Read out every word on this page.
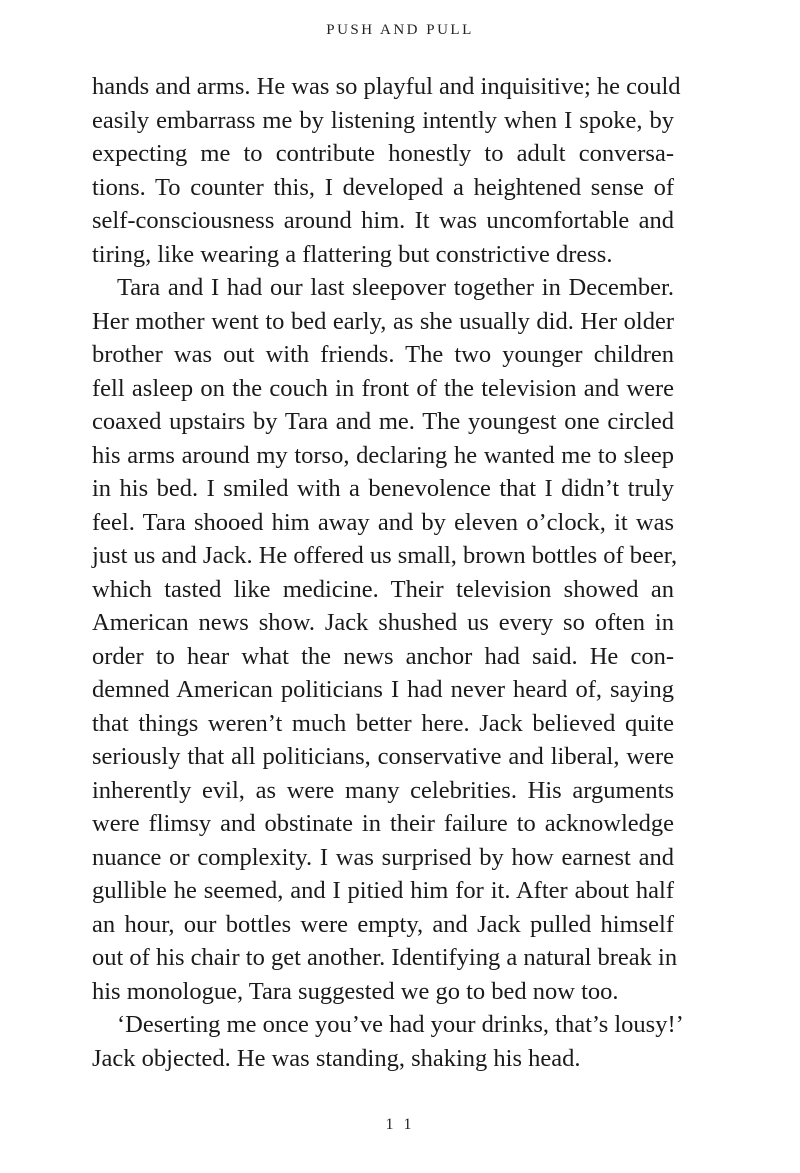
PUSH AND PULL
hands and arms. He was so playful and inquisitive; he could
easily embarrass me by listening intently when I spoke, by
expecting me to contribute honestly to adult conversa-
tions. To counter this, I developed a heightened sense of
self-consciousness around him. It was uncomfortable and
tiring, like wearing a flattering but constrictive dress.
Tara and I had our last sleepover together in December.
Her mother went to bed early, as she usually did. Her older
brother was out with friends. The two younger children
fell asleep on the couch in front of the television and were
coaxed upstairs by Tara and me. The youngest one circled
his arms around my torso, declaring he wanted me to sleep
in his bed. I smiled with a benevolence that I didn’t truly
feel. Tara shooed him away and by eleven o’clock, it was
just us and Jack. He offered us small, brown bottles of beer,
which tasted like medicine. Their television showed an
American news show. Jack shushed us every so often in
order to hear what the news anchor had said. He con-
demned American politicians I had never heard of, saying
that things weren’t much better here. Jack believed quite
seriously that all politicians, conservative and liberal, were
inherently evil, as were many celebrities. His arguments
were flimsy and obstinate in their failure to acknowledge
nuance or complexity. I was surprised by how earnest and
gullible he seemed, and I pitied him for it. After about half
an hour, our bottles were empty, and Jack pulled himself
out of his chair to get another. Identifying a natural break in
his monologue, Tara suggested we go to bed now too.
‘Deserting me once you’ve had your drinks, that’s lousy!’
Jack objected. He was standing, shaking his head.
1 1
